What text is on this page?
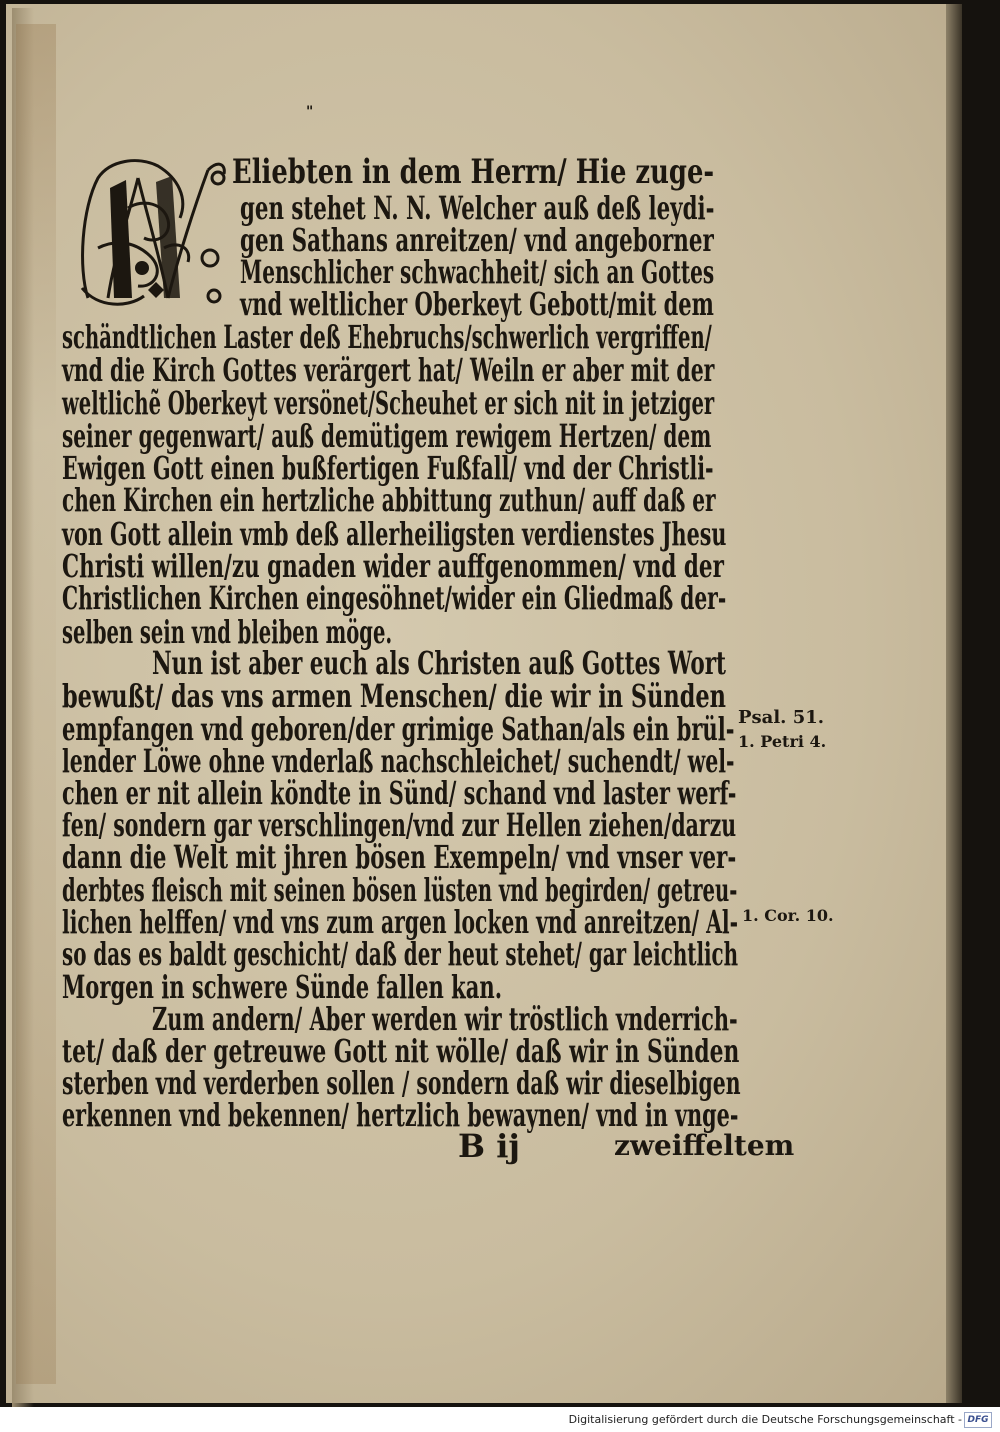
"
Eliebten in dem Herrn/ Hie zuge-
gen stehet N. N. Welcher auß deß leydi-
gen Sathans anreitzen/ vnd angeborner
Menschlicher schwachheit/ sich an Gottes
vnd weltlicher Oberkeyt Gebott/mit dem
schändtlichen Laster deß Ehebruchs/schwerlich vergriffen/
vnd die Kirch Gottes verärgert hat/ Weiln er aber mit der
weltlichẽ Oberkeyt versönet/Scheuhet er sich nit in jetziger
seiner gegenwart/ auß demütigem rewigem Hertzen/ dem
Ewigen Gott einen bußfertigen Fußfall/ vnd der Christli-
chen Kirchen ein hertzliche abbittung zuthun/ auff daß er
von Gott allein vmb deß allerheiligsten verdienstes Jhesu
Christi willen/zu gnaden wider auffgenommen/ vnd der
Christlichen Kirchen eingesöhnet/wider ein Gliedmaß der-
selben sein vnd bleiben möge.
Nun ist aber euch als Christen auß Gottes Wort
bewußt/ das vns armen Menschen/ die wir in Sünden
empfangen vnd geboren/der grimige Sathan/als ein brül-
lender Löwe ohne vnderlaß nachschleichet/ suchendt/ wel-
chen er nit allein köndte in Sünd/ schand vnd laster werf-
fen/ sondern gar verschlingen/vnd zur Hellen ziehen/darzu
dann die Welt mit jhren bösen Exempeln/ vnd vnser ver-
derbtes fleisch mit seinen bösen lüsten vnd begirden/ getreu-
lichen helffen/ vnd vns zum argen locken vnd anreitzen/ Al-
so das es baldt geschicht/ daß der heut stehet/ gar leichtlich
Morgen in schwere Sünde fallen kan.
Zum andern/ Aber werden wir tröstlich vnderrich-
tet/ daß der getreuwe Gott nit wölle/ daß wir in Sünden
sterben vnd verderben sollen / sondern daß wir dieselbigen
erkennen vnd bekennen/ hertzlich bewaynen/ vnd in vnge-
Psal. 51.
1. Petri 4.
1. Cor. 10.
B ij	zweiffeltem
Digitalisierung gefördert durch die Deutsche Forschungsgemeinschaft - DFG
